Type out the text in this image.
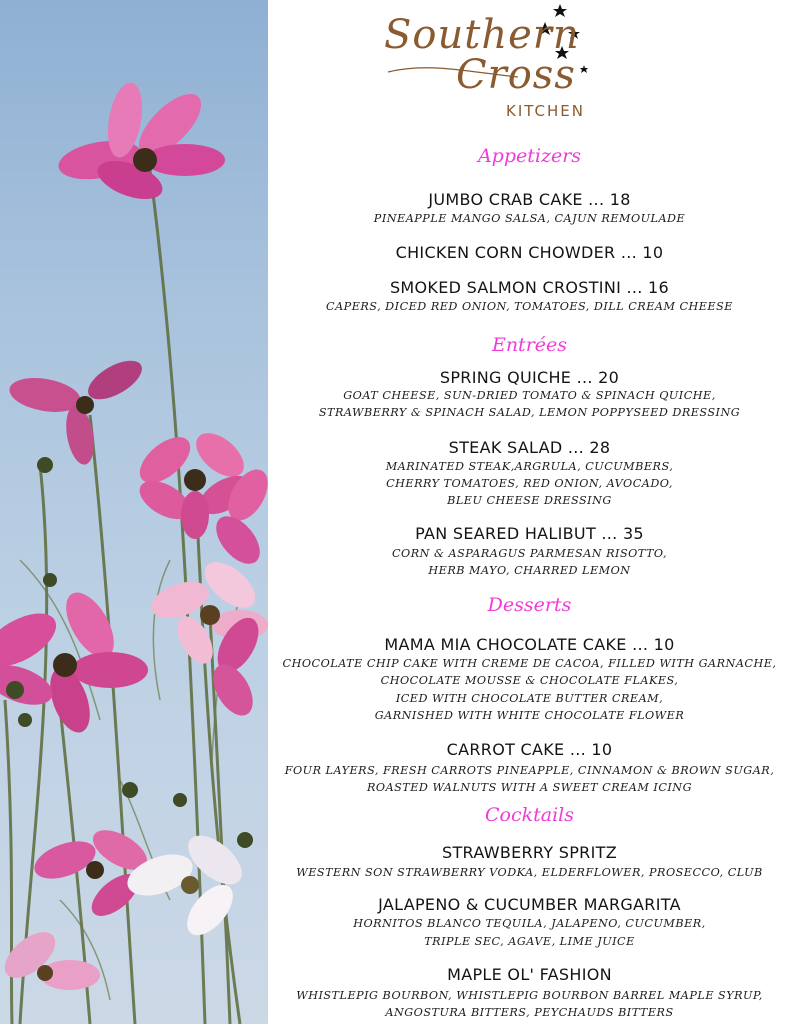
Southern
Cross
KITCHEN
Appetizers
JUMBO CRAB CAKE ... 18
PINEAPPLE MANGO SALSA, CAJUN REMOULADE
CHICKEN CORN CHOWDER ... 10
SMOKED SALMON CROSTINI ... 16
CAPERS, DICED RED ONION, TOMATOES, DILL CREAM CHEESE
Entrées
SPRING QUICHE ... 20
GOAT CHEESE, SUN-DRIED TOMATO & SPINACH QUICHE,
STRAWBERRY & SPINACH SALAD, LEMON POPPYSEED DRESSING
STEAK SALAD ... 28
MARINATED STEAK,ARGRULA, CUCUMBERS,
CHERRY TOMATOES, RED ONION, AVOCADO,
BLEU CHEESE DRESSING
PAN SEARED HALIBUT ... 35
CORN & ASPARAGUS PARMESAN RISOTTO,
HERB MAYO, CHARRED LEMON
Desserts
MAMA MIA CHOCOLATE CAKE ... 10
CHOCOLATE CHIP CAKE WITH CREME DE CACOA, FILLED WITH GARNACHE,
CHOCOLATE MOUSSE & CHOCOLATE FLAKES,
ICED WITH CHOCOLATE BUTTER CREAM,
GARNISHED WITH WHITE CHOCOLATE FLOWER
CARROT CAKE ... 10
FOUR LAYERS, FRESH CARROTS PINEAPPLE, CINNAMON & BROWN SUGAR,
ROASTED WALNUTS WITH A SWEET CREAM ICING
Cocktails
STRAWBERRY SPRITZ
WESTERN SON STRAWBERRY VODKA, ELDERFLOWER, PROSECCO, CLUB
JALAPENO & CUCUMBER MARGARITA
HORNITOS BLANCO TEQUILA, JALAPENO, CUCUMBER,
TRIPLE SEC, AGAVE, LIME JUICE
MAPLE OL' FASHION
WHISTLEPIG BOURBON, WHISTLEPIG BOURBON BARREL MAPLE SYRUP,
ANGOSTURA BITTERS, PEYCHAUDS BITTERS
